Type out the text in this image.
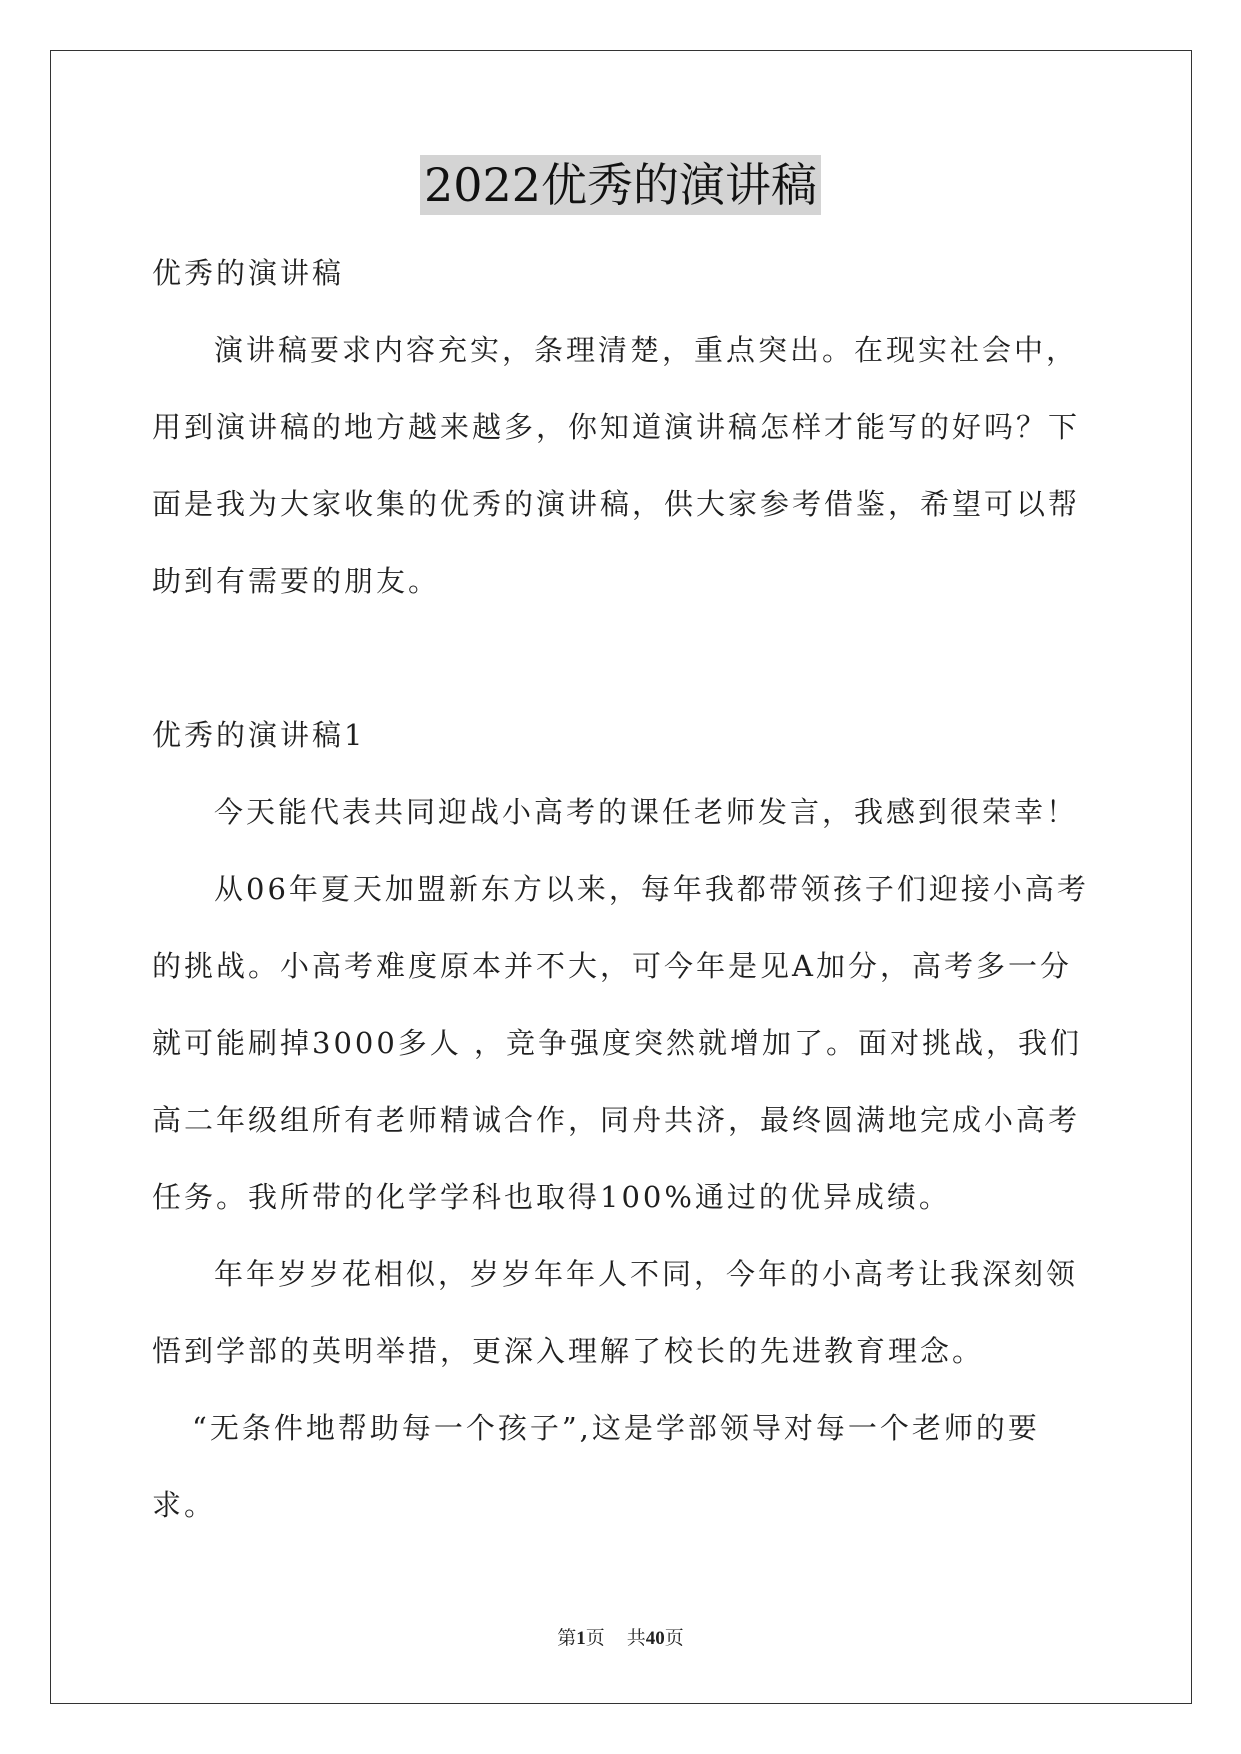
2022优秀的演讲稿

优秀的演讲稿

演讲稿要求内容充实，条理清楚，重点突出。在现实社会中，用到演讲稿的地方越来越多，你知道演讲稿怎样才能写的好吗？下面是我为大家收集的优秀的演讲稿，供大家参考借鉴，希望可以帮助到有需要的朋友。

优秀的演讲稿1

今天能代表共同迎战小高考的课任老师发言，我感到很荣幸！

从06年夏天加盟新东方以来，每年我都带领孩子们迎接小高考的挑战。小高考难度原本并不大，可今年是见A加分，高考多一分就可能刷掉3000多人 ，竞争强度突然就增加了。面对挑战，我们高二年级组所有老师精诚合作，同舟共济，最终圆满地完成小高考任务。我所带的化学学科也取得100%通过的优异成绩。

年年岁岁花相似，岁岁年年人不同，今年的小高考让我深刻领悟到学部的英明举措，更深入理解了校长的先进教育理念。

“无条件地帮助每一个孩子”,这是学部领导对每一个老师的要求。

第1页 共40页
